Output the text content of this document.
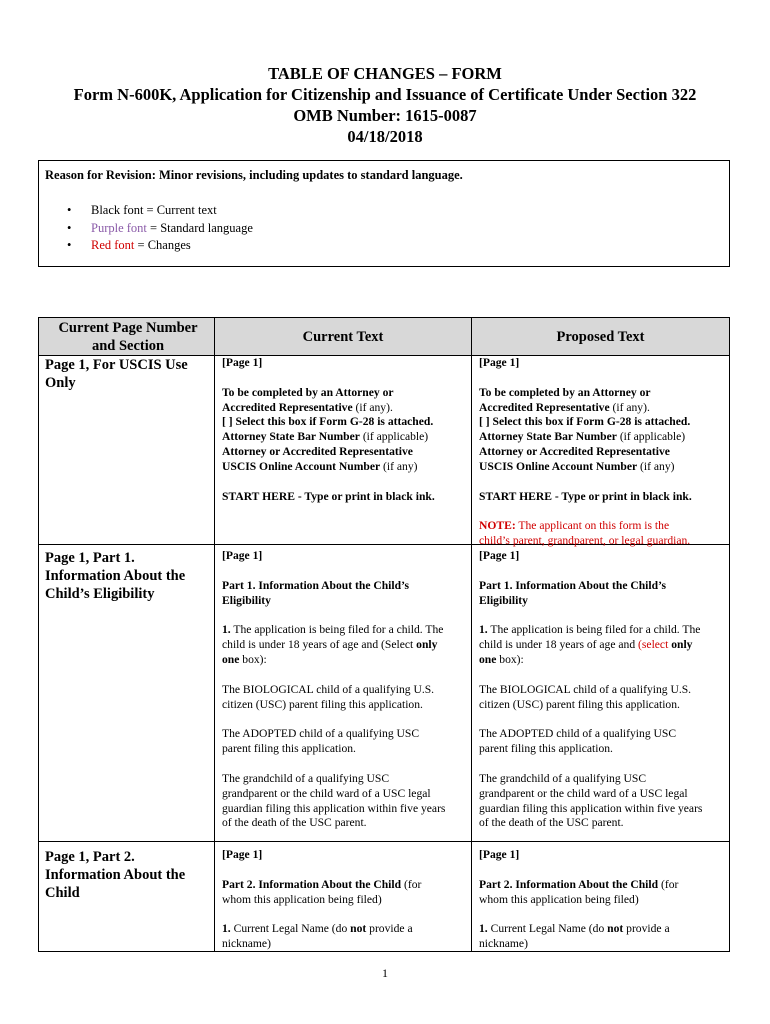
TABLE OF CHANGES – FORM
Form N-600K, Application for Citizenship and Issuance of Certificate Under Section 322
OMB Number: 1615-0087
04/18/2018
Reason for Revision: Minor revisions, including updates to standard language.
• Black font = Current text
• Purple font = Standard language
• Red font = Changes
Current Page Number and Section
Current Text	Proposed Text
Page 1, For USCIS Use Only
Page 1, Part 1. Information About the Child’s Eligibility
Page 1, Part 2. Information About the Child
[Page 1]
To be completed by an Attorney or
Accredited Representative (if any).
[ ] Select this box if Form G-28 is attached.
Attorney State Bar Number (if applicable)
Attorney or Accredited Representative
USCIS Online Account Number (if any)
START HERE - Type or print in black ink.
[Page 1]
To be completed by an Attorney or
Accredited Representative (if any).
[ ] Select this box if Form G-28 is attached.
Attorney State Bar Number (if applicable)
Attorney or Accredited Representative
USCIS Online Account Number (if any)
START HERE - Type or print in black ink.
NOTE: The applicant on this form is the
child’s parent, grandparent, or legal guardian.
[Page 1]
Part 1. Information About the Child’s
Eligibility
1. The application is being filed for a child. The
child is under 18 years of age and (Select only
one box):
The BIOLOGICAL child of a qualifying U.S.
citizen (USC) parent filing this application.
The ADOPTED child of a qualifying USC
parent filing this application.
The grandchild of a qualifying USC
grandparent or the child ward of a USC legal
guardian filing this application within five years
of the death of the USC parent.
[Page 1]
Part 1. Information About the Child’s
Eligibility
1. The application is being filed for a child. The
child is under 18 years of age and (select only
one box):
The BIOLOGICAL child of a qualifying U.S.
citizen (USC) parent filing this application.
The ADOPTED child of a qualifying USC
parent filing this application.
The grandchild of a qualifying USC
grandparent or the child ward of a USC legal
guardian filing this application within five years
of the death of the USC parent.
[Page 1]
Part 2. Information About the Child (for
whom this application being filed)
1. Current Legal Name (do not provide a
nickname)
[Page 1]
Part 2. Information About the Child (for
whom this application being filed)
1. Current Legal Name (do not provide a
nickname)
1
